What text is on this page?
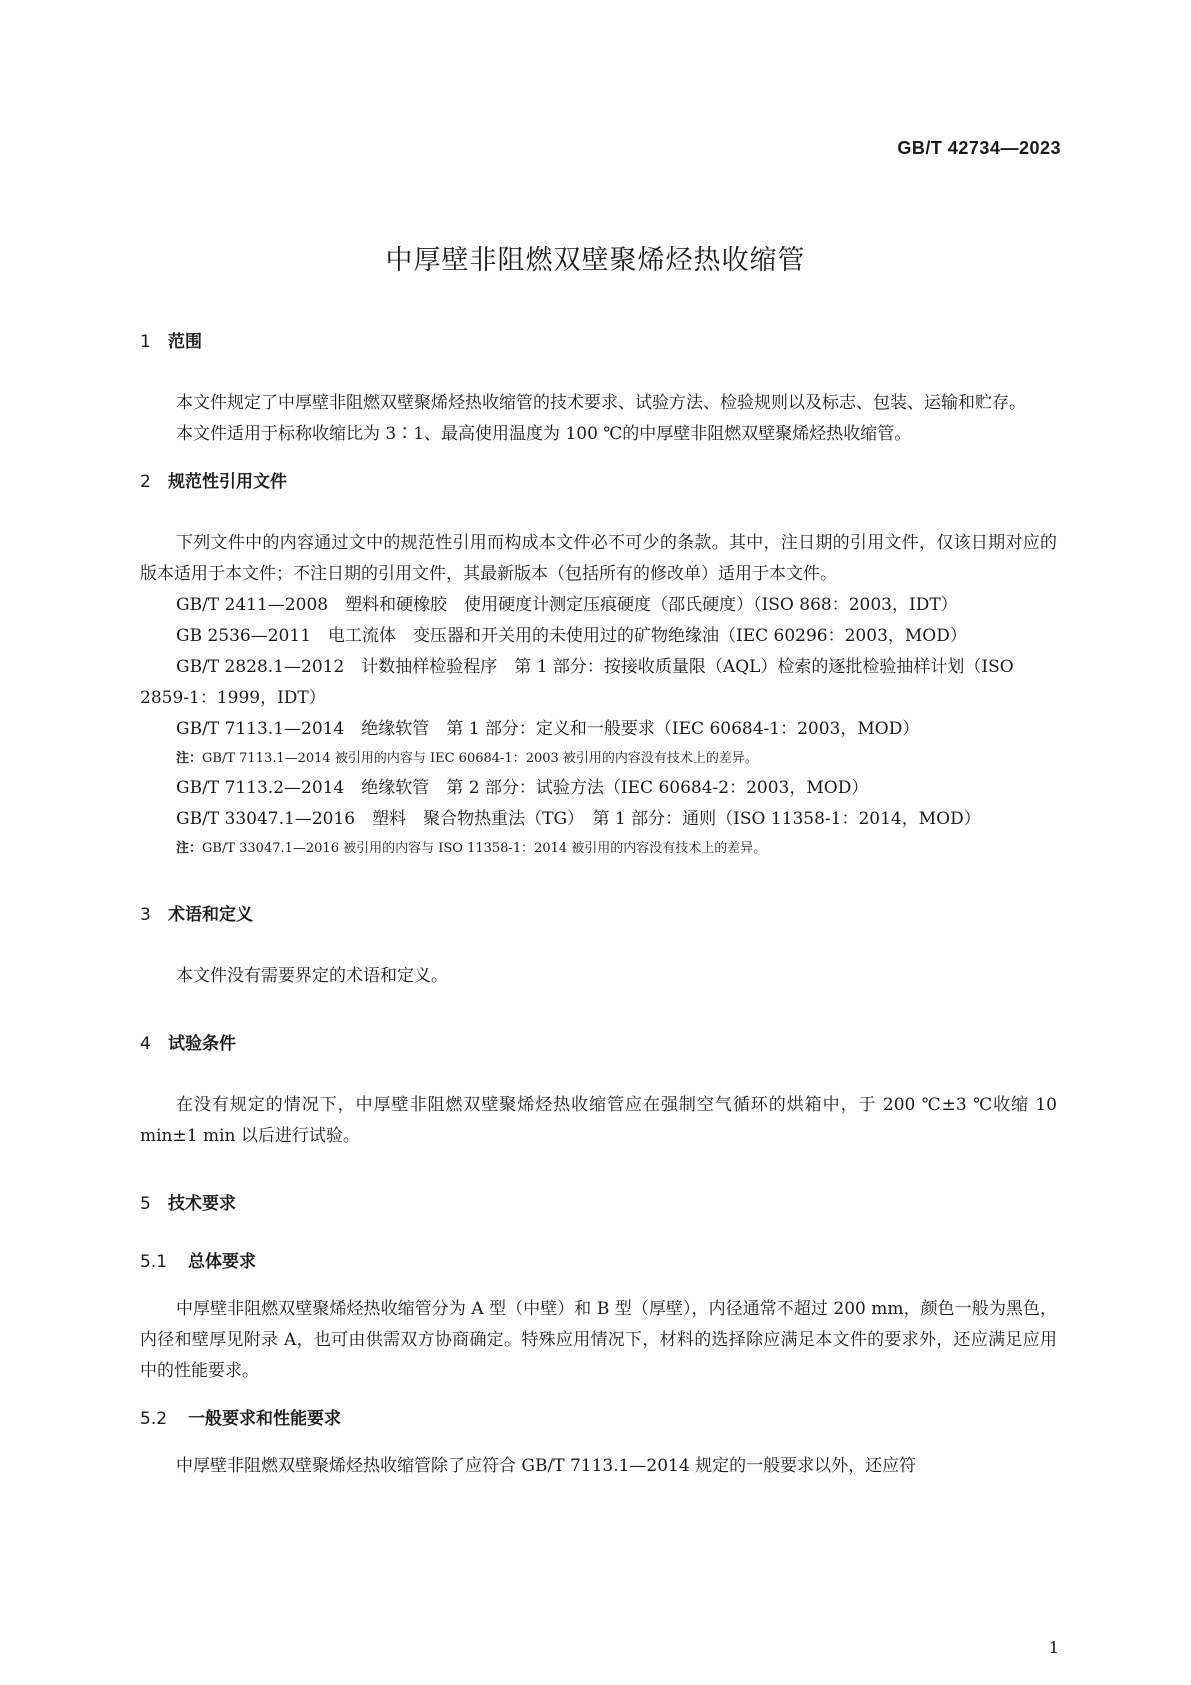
GB/T 42734—2023
中厚壁非阻燃双壁聚烯烃热收缩管
1 范围

本文件规定了中厚壁非阻燃双壁聚烯烃热收缩管的技术要求、试验方法、检验规则以及标志、包装、运输和贮存。

本文件适用于标称收缩比为 3∶1、最高使用温度为 100 ℃的中厚壁非阻燃双壁聚烯烃热收缩管。

2 规范性引用文件

下列文件中的内容通过文中的规范性引用而构成本文件必不可少的条款。其中，注日期的引用文件，仅该日期对应的版本适用于本文件；不注日期的引用文件，其最新版本（包括所有的修改单）适用于本文件。

GB/T 2411—2008　塑料和硬橡胶　使用硬度计测定压痕硬度（邵氏硬度）（ISO 868：2003，IDT）

GB 2536—2011　电工流体　变压器和开关用的未使用过的矿物绝缘油（IEC 60296：2003，MOD）

GB/T 2828.1—2012　计数抽样检验程序　第 1 部分：按接收质量限（AQL）检索的逐批检验抽样计划（ISO 2859-1：1999，IDT）

GB/T 7113.1—2014　绝缘软管　第 1 部分：定义和一般要求（IEC 60684-1：2003，MOD）

注：GB/T 7113.1—2014 被引用的内容与 IEC 60684-1：2003 被引用的内容没有技术上的差异。

GB/T 7113.2—2014　绝缘软管　第 2 部分：试验方法（IEC 60684-2：2003，MOD）

GB/T 33047.1—2016　塑料　聚合物热重法（TG）　第 1 部分：通则（ISO 11358-1：2014，MOD）

注：GB/T 33047.1—2016 被引用的内容与 ISO 11358-1：2014 被引用的内容没有技术上的差异。

3 术语和定义

本文件没有需要界定的术语和定义。

4 试验条件

在没有规定的情况下，中厚壁非阻燃双壁聚烯烃热收缩管应在强制空气循环的烘箱中，于 200 ℃±3 ℃收缩 10 min±1 min 以后进行试验。

5 技术要求
5.1 总体要求

中厚壁非阻燃双壁聚烯烃热收缩管分为 A 型（中壁）和 B 型（厚壁），内径通常不超过 200 mm，颜色一般为黑色，内径和壁厚见附录 A，也可由供需双方协商确定。特殊应用情况下，材料的选择除应满足本文件的要求外，还应满足应用中的性能要求。

5.2 一般要求和性能要求

中厚壁非阻燃双壁聚烯烃热收缩管除了应符合 GB/T 7113.1—2014 规定的一般要求以外，还应符

1
